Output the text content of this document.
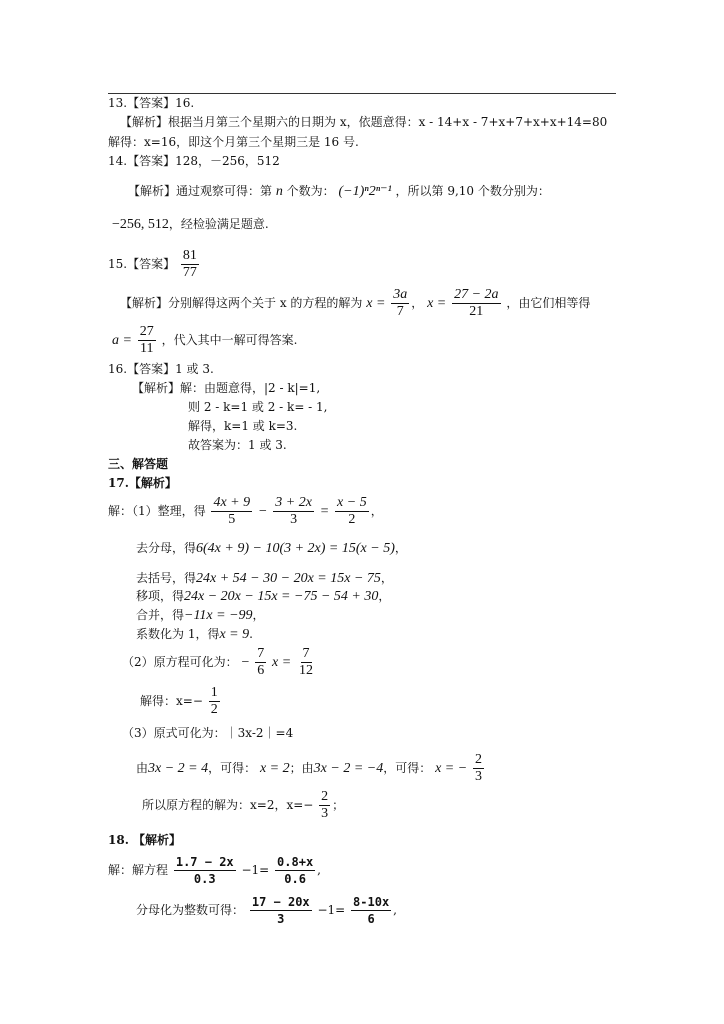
13.【答案】16.
【解析】根据当月第三个星期六的日期为 x，依题意得：x - 14+x - 7+x+7+x+x+14=80
解得：x=16，即这个月第三个星期三是 16 号.
14.【答案】128，－256，512
【解析】通过观察可得：第 n 个数为： (−1)ⁿ2ⁿ⁻¹ ，所以第 9,10 个数分别为：
−256, 512，经检验满足题意.
15.【答案】 $\frac{81}{77}$
【解析】分别解得这两个关于 x 的方程的解为 $x = \frac{3a}{7}$ ， $x = \frac{27 - 2a}{21}$ ，由它们相等得
$a = \frac{27}{11}$ ，代入其中一解可得答案.
16.【答案】1 或 3.
【解析】解：由题意得，|2 - k|=1,
则 2 - k=1 或 2 - k= - 1,
解得，k=1 或 k=3.
故答案为：1 或 3.
三、解答题
17.【解析】
解：（1）整理，得 $\frac{4x + 9}{5} - \frac{3 + 2x}{3} = \frac{x - 5}{2}$ ，
去分母，得6(4x + 9) − 10(3 + 2x) = 15(x − 5)，
去括号，得24x + 54 − 30 − 20x = 15x − 75，
移项，得24x − 20x − 15x = −75 − 54 + 30，
合并，得−11x = −99，
系数化为 1，得x = 9.
（2）原方程可化为： − $\frac{7}{6}$ $x = \frac{7}{12}$
解得：$x=- \frac{1}{2}$
（3）原式可化为：｜3x-2｜=4
由3x − 2 = 4，可得： x = 2；由3x − 2 = −4，可得： x = − $\frac{2}{3}$
所以原方程的解为：x=2，$x=- \frac{2}{3}$ ；
18. 【解析】
解：解方程 $\frac{1.7 - 2x}{0.3} -1= \frac{0.8+x}{0.6}$ ,
分母化为整数可得： $\frac{17 - 20x}{3} -1= \frac{8-10x}{6}$ ,
